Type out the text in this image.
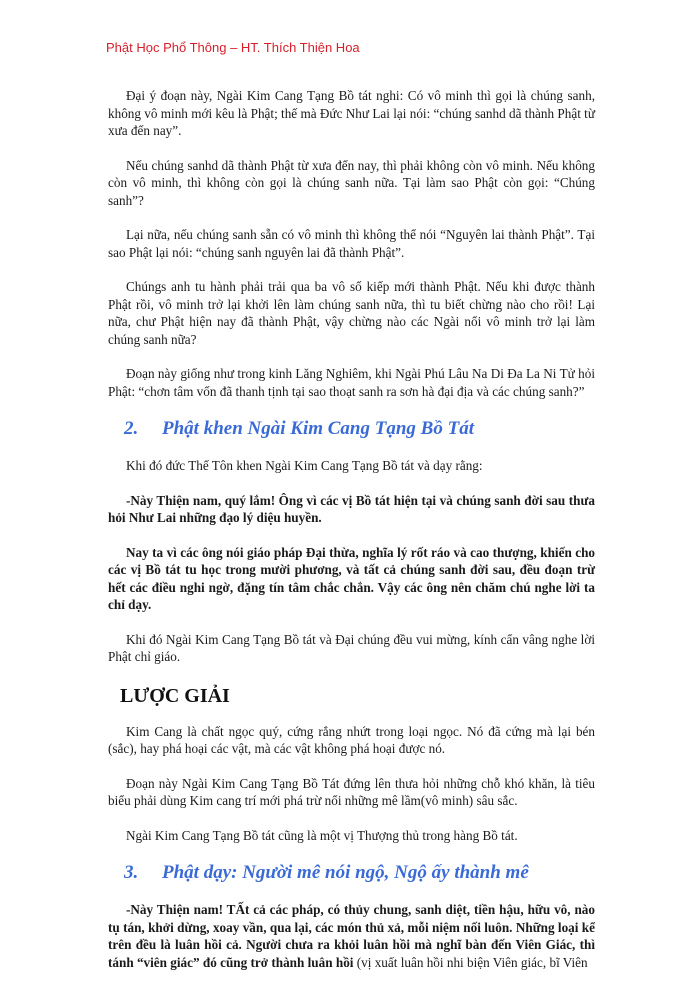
Phật Học Phổ Thông – HT. Thích Thiện Hoa

Đại ý đoạn này, Ngài Kim Cang Tạng Bồ tát nghi: Có vô minh thì gọi là chúng sanh, không vô minh mới kêu là Phật; thế mà Đức Như Lai lại nói: “chúng sanhd dã thành Phật từ xưa đến nay”.

Nếu chúng sanhd dã thành Phật từ xưa đến nay, thì phải không còn vô minh. Nếu không còn vô minh, thì không còn gọi là chúng sanh nữa. Tại làm sao Phật còn gọi: “Chúng sanh”?

Lại nữa, nếu chúng sanh sẵn có vô minh thì không thể nói “Nguyên lai thành Phật”. Tại sao Phật lại nói: “chúng sanh nguyên lai đã thành Phật”.

Chúngs anh tu hành phải trải qua ba vô số kiếp mới thành Phật. Nếu khi được thành Phật rồi, vô minh trở lại khởi lên làm chúng sanh nữa, thì tu biết chừng nào cho rồi! Lại nữa, chư Phật hiện nay đã thành Phật, vậy chừng nào các Ngài nổi vô minh trở lại làm chúng sanh nữa?

Đoạn này giống như trong kinh Lăng Nghiêm, khi Ngài Phú Lâu Na Di Đa La Ni Tử hỏi Phật: “chơn tâm vốn đã thanh tịnh tại sao thoạt sanh ra sơn hà đại địa và các chúng sanh?”

2. Phật khen Ngài Kim Cang Tạng Bồ Tát

Khi đó đức Thế Tôn khen Ngài Kim Cang Tạng Bồ tát và dạy rằng:

-Này Thiện nam, quý lắm! Ông vì các vị Bồ tát hiện tại và chúng sanh đời sau thưa hỏi Như Lai những đạo lý diệu huyền.

Nay ta vì các ông nói giáo pháp Đại thừa, nghĩa lý rốt ráo và cao thượng, khiến cho các vị Bồ tát tu học trong mười phương, và tất cả chúng sanh đời sau, đều đoạn trừ hết các điều nghi ngờ, đặng tín tâm chắc chắn. Vậy các ông nên chăm chú nghe lời ta chỉ dạy.

Khi đó Ngài Kim Cang Tạng Bồ tát và Đại chúng đều vui mừng, kính cẩn vâng nghe lời Phật chỉ giáo.

LƯỢC GIẢI

Kim Cang là chất ngọc quý, cứng rắng nhứt trong loại ngọc. Nó đã cứng mà lại bén (sắc), hay phá hoại các vật, mà các vật không phá hoại được nó.

Đoạn này Ngài Kim Cang Tạng Bồ Tát đứng lên thưa hỏi những chỗ khó khăn, là tiêu biểu phải dùng Kim cang trí mới phá trừ nổi những mê lầm(vô minh) sâu sắc.

Ngài Kim Cang Tạng Bồ tát cũng là một vị Thượng thủ trong hàng Bồ tát.

3. Phật dạy: Người mê nói ngộ, Ngộ ấy thành mê

-Này Thiện nam! TẤt cả các pháp, có thủy chung, sanh diệt, tiền hậu, hữu vô, nào tụ tán, khởi dừng, xoay vần, qua lại, các món thủ xả, mỗi niệm nối luôn. Những loại kể trên đều là luân hồi cả. Người chưa ra khỏi luân hồi mà nghĩ bàn đến Viên Giác, thì tánh “viên giác” đó cũng trở thành luân hồi (vị xuất luân hồi nhi biện Viên giác, bĩ Viên
